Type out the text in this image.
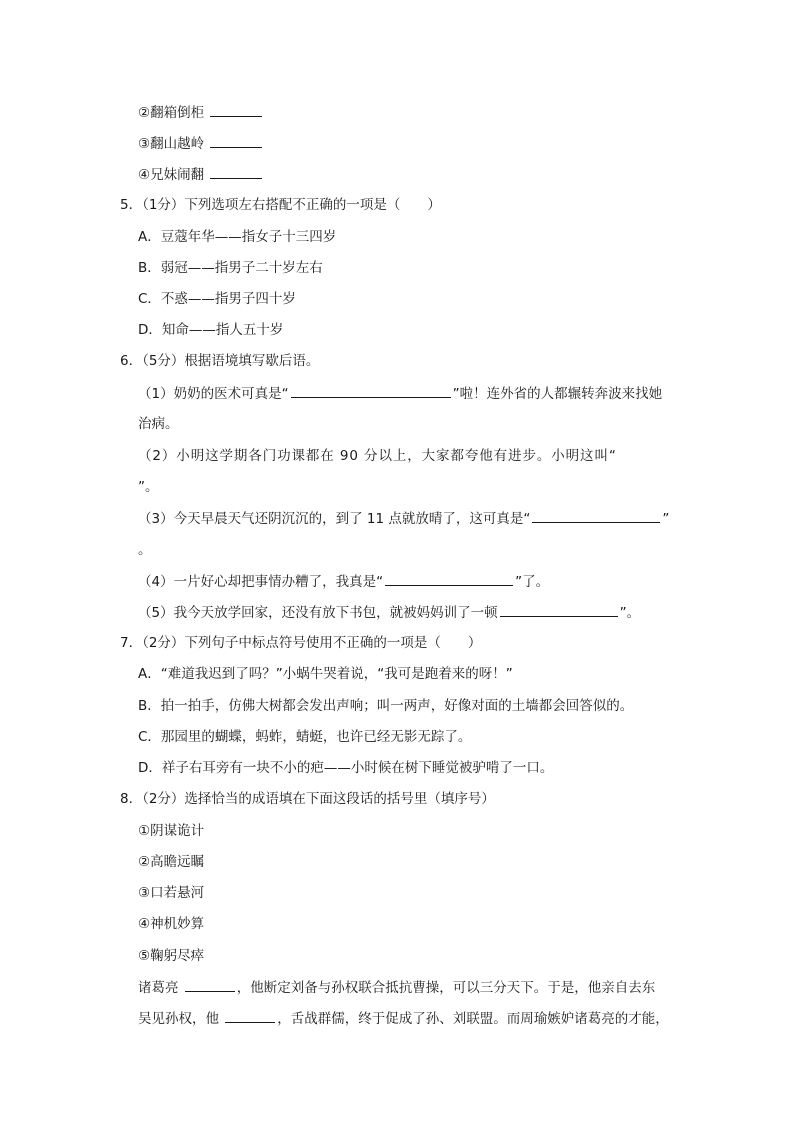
②翻箱倒柜
③翻山越岭
④兄妹闹翻
5．（1分）下列选项左右搭配不正确的一项是（　　）
A．豆蔻年华——指女子十三四岁
B．弱冠——指男子二十岁左右
C．不惑——指男子四十岁
D．知命——指人五十岁
6．（5分）根据语境填写歇后语。
（1）奶奶的医术可真是“	”啦！连外省的人都辗转奔波来找她
治病。
（2）小明这学期各门功课都在 90 分以上，大家都夸他有进步。小明这叫“
”。
（3）今天早晨天气还阴沉沉的，到了 11 点就放晴了，这可真是“	”
。
（4）一片好心却把事情办糟了，我真是“	”了。
（5）我今天放学回家，还没有放下书包，就被妈妈训了一顿	”。
7．（2分）下列句子中标点符号使用不正确的一项是（　　）
A．“难道我迟到了吗？”小蜗牛哭着说，“我可是跑着来的呀！”
B．拍一拍手，仿佛大树都会发出声响；叫一两声，好像对面的土墙都会回答似的。
C．那园里的蝴蝶，蚂蚱，蜻蜓，也许已经无影无踪了。
D．祥子右耳旁有一块不小的疤——小时候在树下睡觉被驴啃了一口。
8．（2分）选择恰当的成语填在下面这段话的括号里（填序号）
①阴谋诡计
②高瞻远瞩
③口若悬河
④神机妙算
⑤鞠躬尽瘁
诸葛亮	，他断定刘备与孙权联合抵抗曹操，可以三分天下。于是，他亲自去东
吴见孙权，他	，舌战群儒，终于促成了孙、刘联盟。而周瑜嫉妒诸葛亮的才能，
